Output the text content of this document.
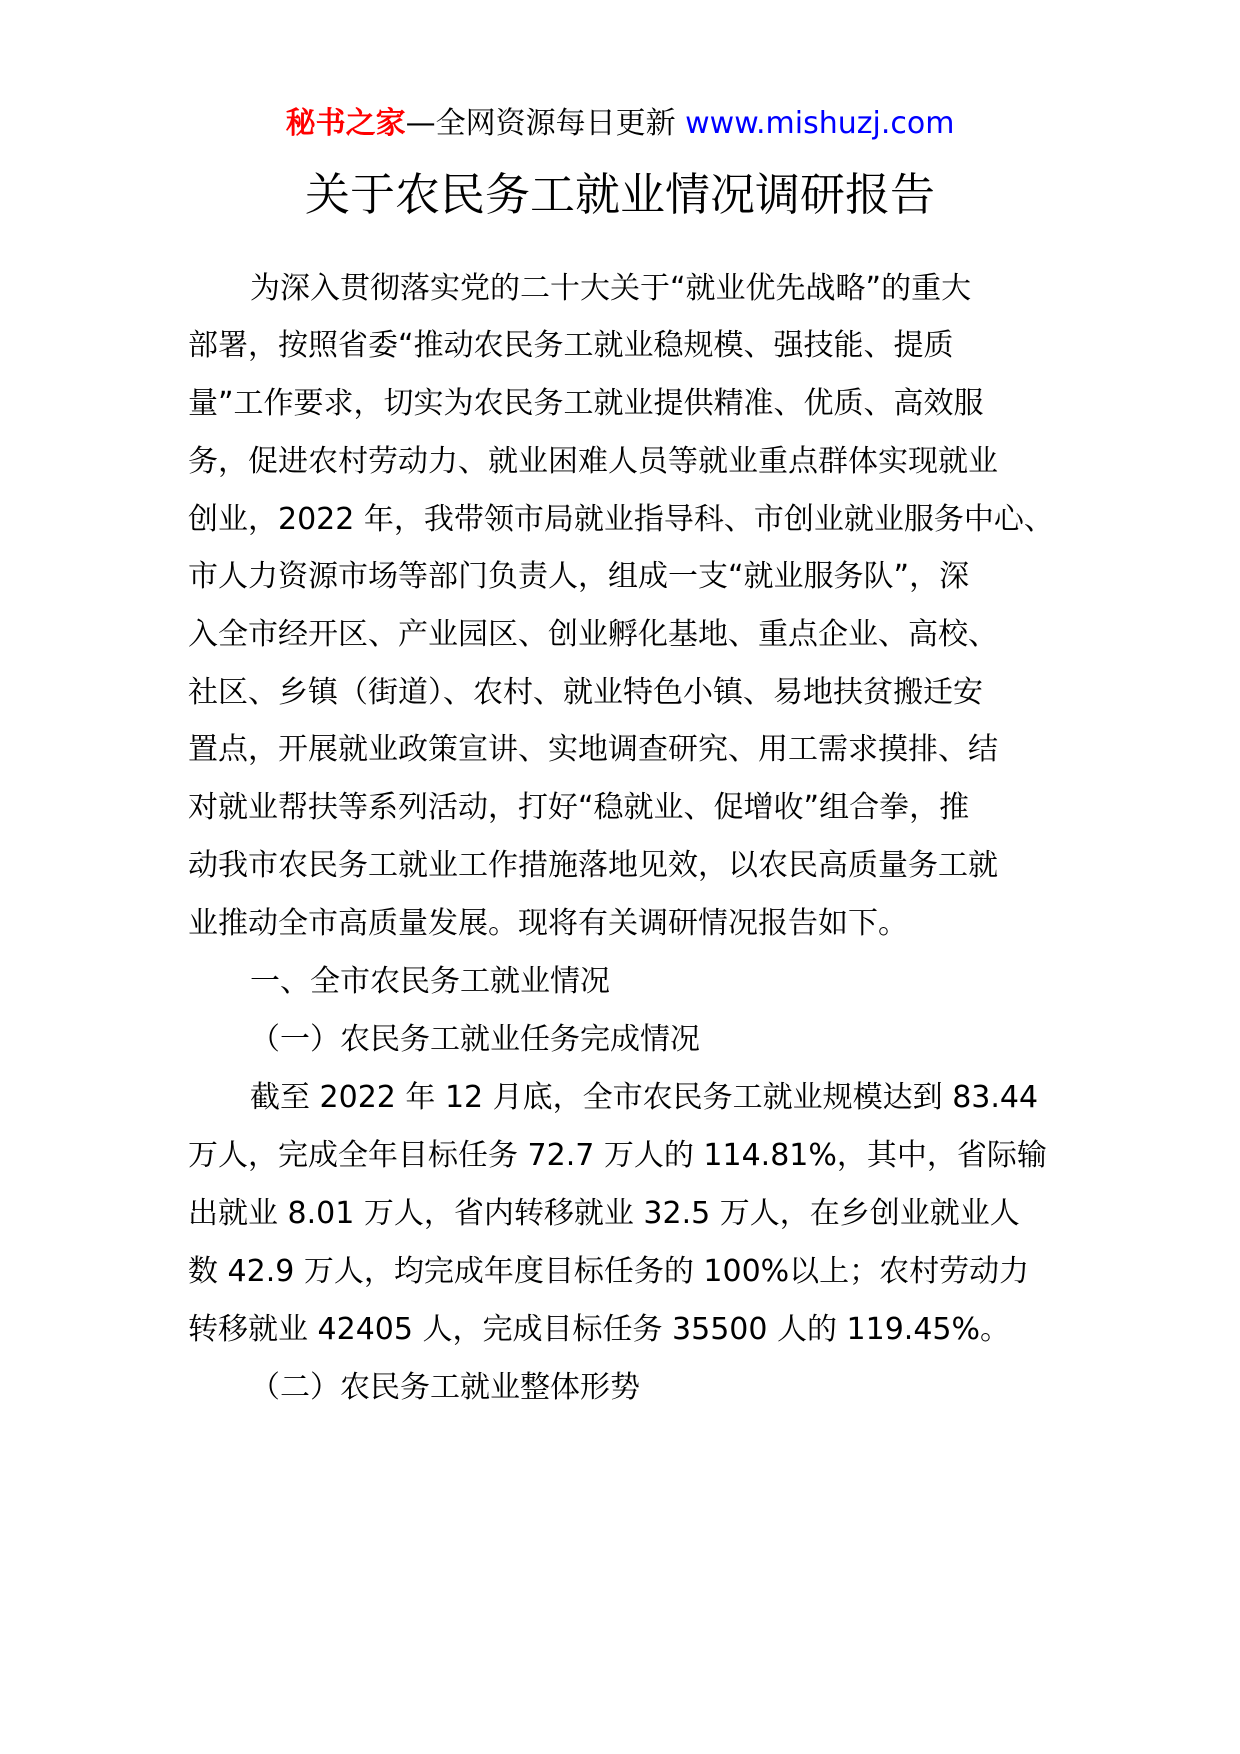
秘书之家—全网资源每日更新 www.mishuzj.com
关于农民务工就业情况调研报告

为深入贯彻落实党的二十大关于“就业优先战略”的重大

部署，按照省委“推动农民务工就业稳规模、强技能、提质

量”工作要求，切实为农民务工就业提供精准、优质、高效服

务，促进农村劳动力、就业困难人员等就业重点群体实现就业

创业，2022 年，我带领市局就业指导科、市创业就业服务中心、

市人力资源市场等部门负责人，组成一支“就业服务队”，深

入全市经开区、产业园区、创业孵化基地、重点企业、高校、

社区、乡镇（街道）、农村、就业特色小镇、易地扶贫搬迁安

置点，开展就业政策宣讲、实地调查研究、用工需求摸排、结

对就业帮扶等系列活动，打好“稳就业、促增收”组合拳，推

动我市农民务工就业工作措施落地见效，以农民高质量务工就

业推动全市高质量发展。现将有关调研情况报告如下。

一、全市农民务工就业情况

（一）农民务工就业任务完成情况

截至 2022 年 12 月底，全市农民务工就业规模达到 83.44

万人，完成全年目标任务 72.7 万人的 114.81%，其中，省际输

出就业 8.01 万人，省内转移就业 32.5 万人，在乡创业就业人

数 42.9 万人，均完成年度目标任务的 100%以上；农村劳动力

转移就业 42405 人，完成目标任务 35500 人的 119.45%。

（二）农民务工就业整体形势
